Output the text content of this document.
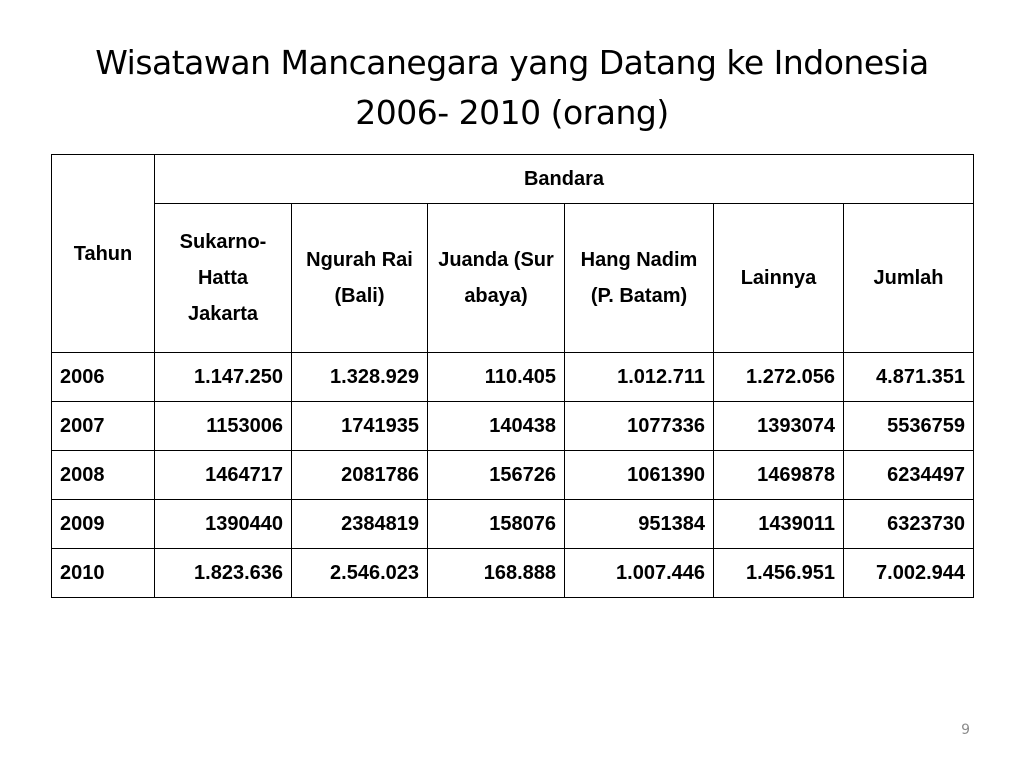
Wisatawan Mancanegara yang Datang ke Indonesia
2006- 2010 (orang)
Tahun	Bandara					
	Sukarno-Hatta Jakarta	Ngurah Rai (Bali)	Juanda (Surabaya)	Hang Nadim (P. Batam)	Lainnya	Jumlah
2006	1.147.250	1.328.929	110.405	1.012.711	1.272.056	4.871.351
2007	1153006	1741935	140438	1077336	1393074	5536759
2008	1464717	2081786	156726	1061390	1469878	6234497
2009	1390440	2384819	158076	951384	1439011	6323730
2010	1.823.636	2.546.023	168.888	1.007.446	1.456.951	7.002.944
9
